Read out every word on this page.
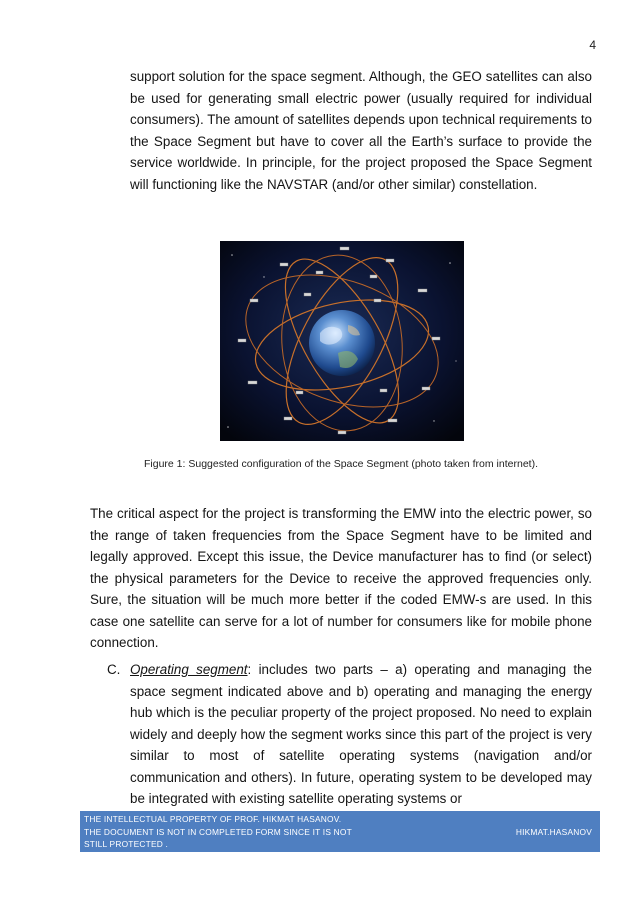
4

support solution for the space segment. Although, the GEO satellites can also be used for generating small electric power (usually required for individual consumers). The amount of satellites depends upon technical requirements to the Space Segment but have to cover all the Earth’s surface to provide the service worldwide. In principle, for the project proposed the Space Segment will functioning like the NAVSTAR (and/or other similar) constellation.

Figure 1: Suggested configuration of the Space Segment (photo taken from internet).

The critical aspect for the project is transforming the EMW into the electric power, so the range of taken frequencies from the Space Segment have to be limited and legally approved. Except this issue, the Device manufacturer has to find (or select) the physical parameters for the Device to receive the approved frequencies only. Sure, the situation will be much more better if the coded EMW-s are used. In this case one satellite can serve for a lot of number for consumers like for mobile phone connection.

C. Operating segment: includes two parts – a) operating and managing the space segment indicated above and b) operating and managing the energy hub which is the peculiar property of the project proposed. No need to explain widely and deeply how the segment works since this part of the project is very similar to most of satellite operating systems (navigation and/or communication and others). In future, operating system to be developed may be integrated with existing satellite operating systems or

THE INTELLECTUAL PROPERTY OF PROF. HIKMAT HASANOV.
THE DOCUMENT IS NOT IN COMPLETED FORM SINCE IT IS NOT STILL PROTECTED .
HIKMAT.HASANOV
